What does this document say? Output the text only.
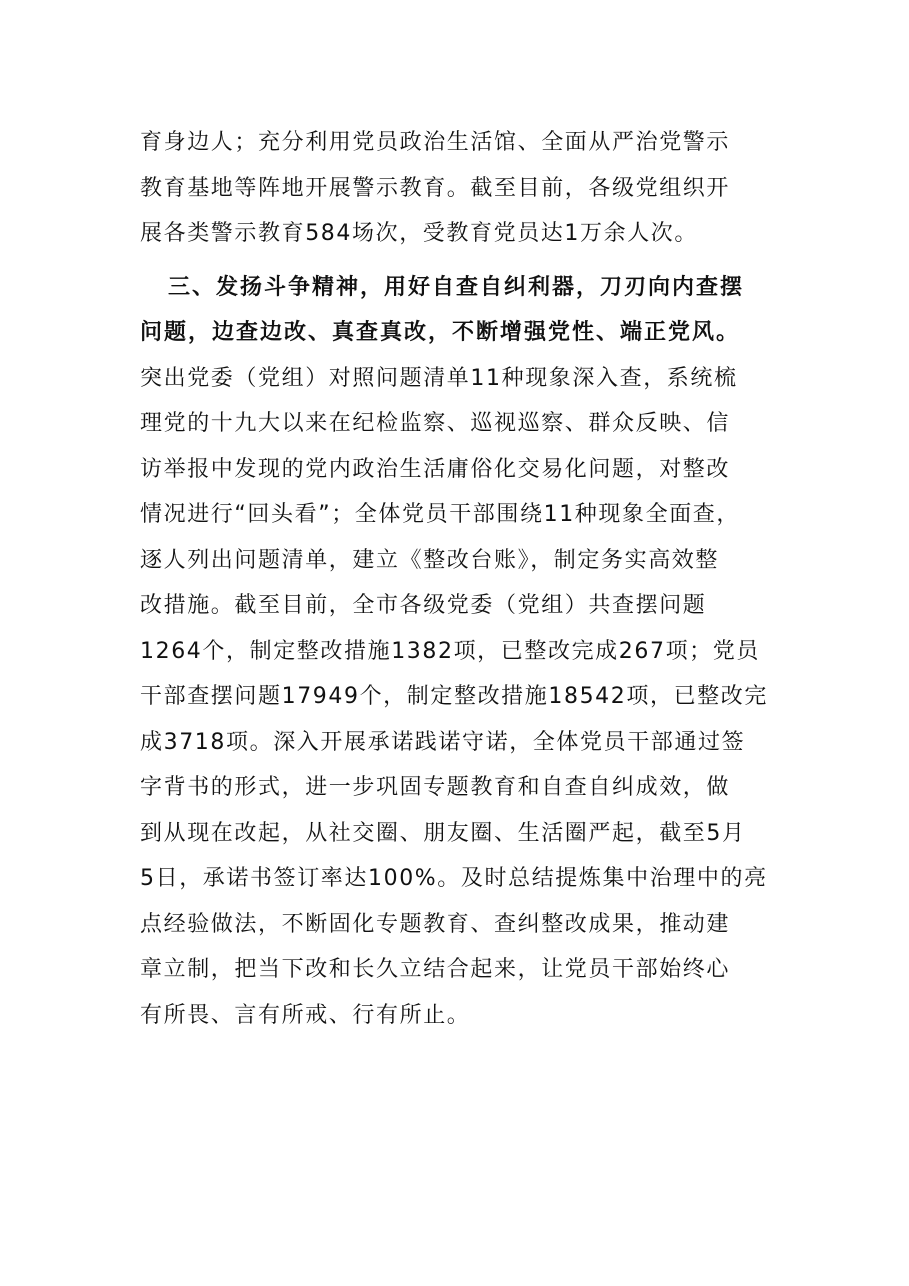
育身边人；充分利用党员政治生活馆、全面从严治党警示
教育基地等阵地开展警示教育。截至目前，各级党组织开
展各类警示教育584场次，受教育党员达1万余人次。
三、发扬斗争精神，用好自查自纠利器，刀刃向内查摆
问题，边查边改、真查真改，不断增强党性、端正党风。
突出党委（党组）对照问题清单11种现象深入查，系统梳
理党的十九大以来在纪检监察、巡视巡察、群众反映、信
访举报中发现的党内政治生活庸俗化交易化问题，对整改
情况进行“回头看”；全体党员干部围绕11种现象全面查，
逐人列出问题清单，建立《整改台账》，制定务实高效整
改措施。截至目前，全市各级党委（党组）共查摆问题
1264个，制定整改措施1382项，已整改完成267项；党员
干部查摆问题17949个，制定整改措施18542项，已整改完
成3718项。深入开展承诺践诺守诺，全体党员干部通过签
字背书的形式，进一步巩固专题教育和自查自纠成效，做
到从现在改起，从社交圈、朋友圈、生活圈严起，截至5月
5日，承诺书签订率达100%。及时总结提炼集中治理中的亮
点经验做法，不断固化专题教育、查纠整改成果，推动建
章立制，把当下改和长久立结合起来，让党员干部始终心
有所畏、言有所戒、行有所止。
